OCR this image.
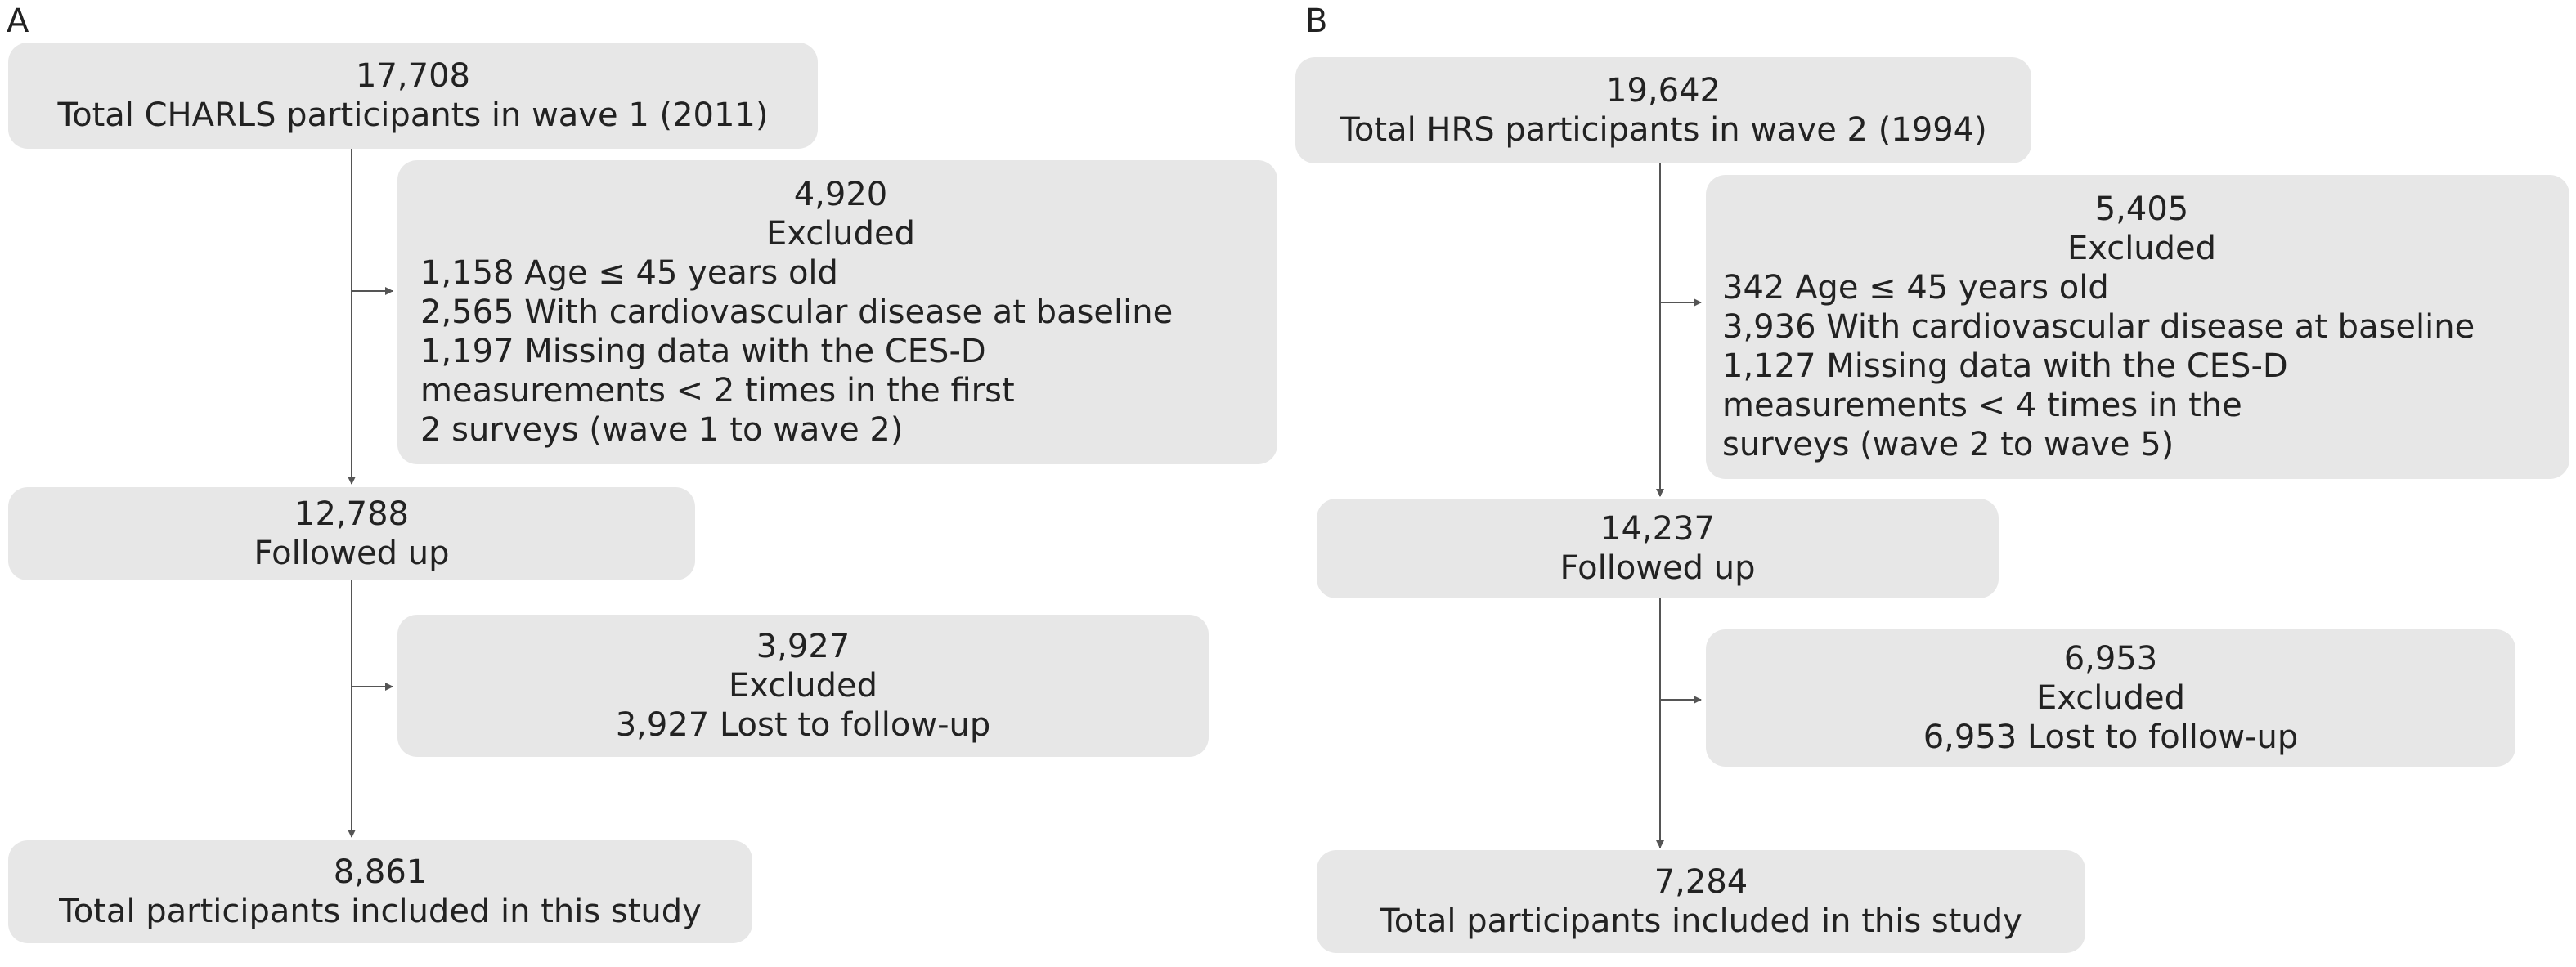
A
17,708
Total CHARLS participants in wave 1 (2011)
4,920
Excluded
1,158 Age ≤ 45 years old
2,565 With cardiovascular disease at baseline
1,197 Missing data with the CES-D
measurements < 2 times in the first
2 surveys (wave 1 to wave 2)
12,788
Followed up
3,927
Excluded
3,927 Lost to follow-up
8,861
Total participants included in this study
B
19,642
Total HRS participants in wave 2 (1994)
5,405
Excluded
342 Age ≤ 45 years old
3,936 With cardiovascular disease at baseline
1,127 Missing data with the CES-D
measurements < 4 times in the
surveys (wave 2 to wave 5)
14,237
Followed up
6,953
Excluded
6,953 Lost to follow-up
7,284
Total participants included in this study
